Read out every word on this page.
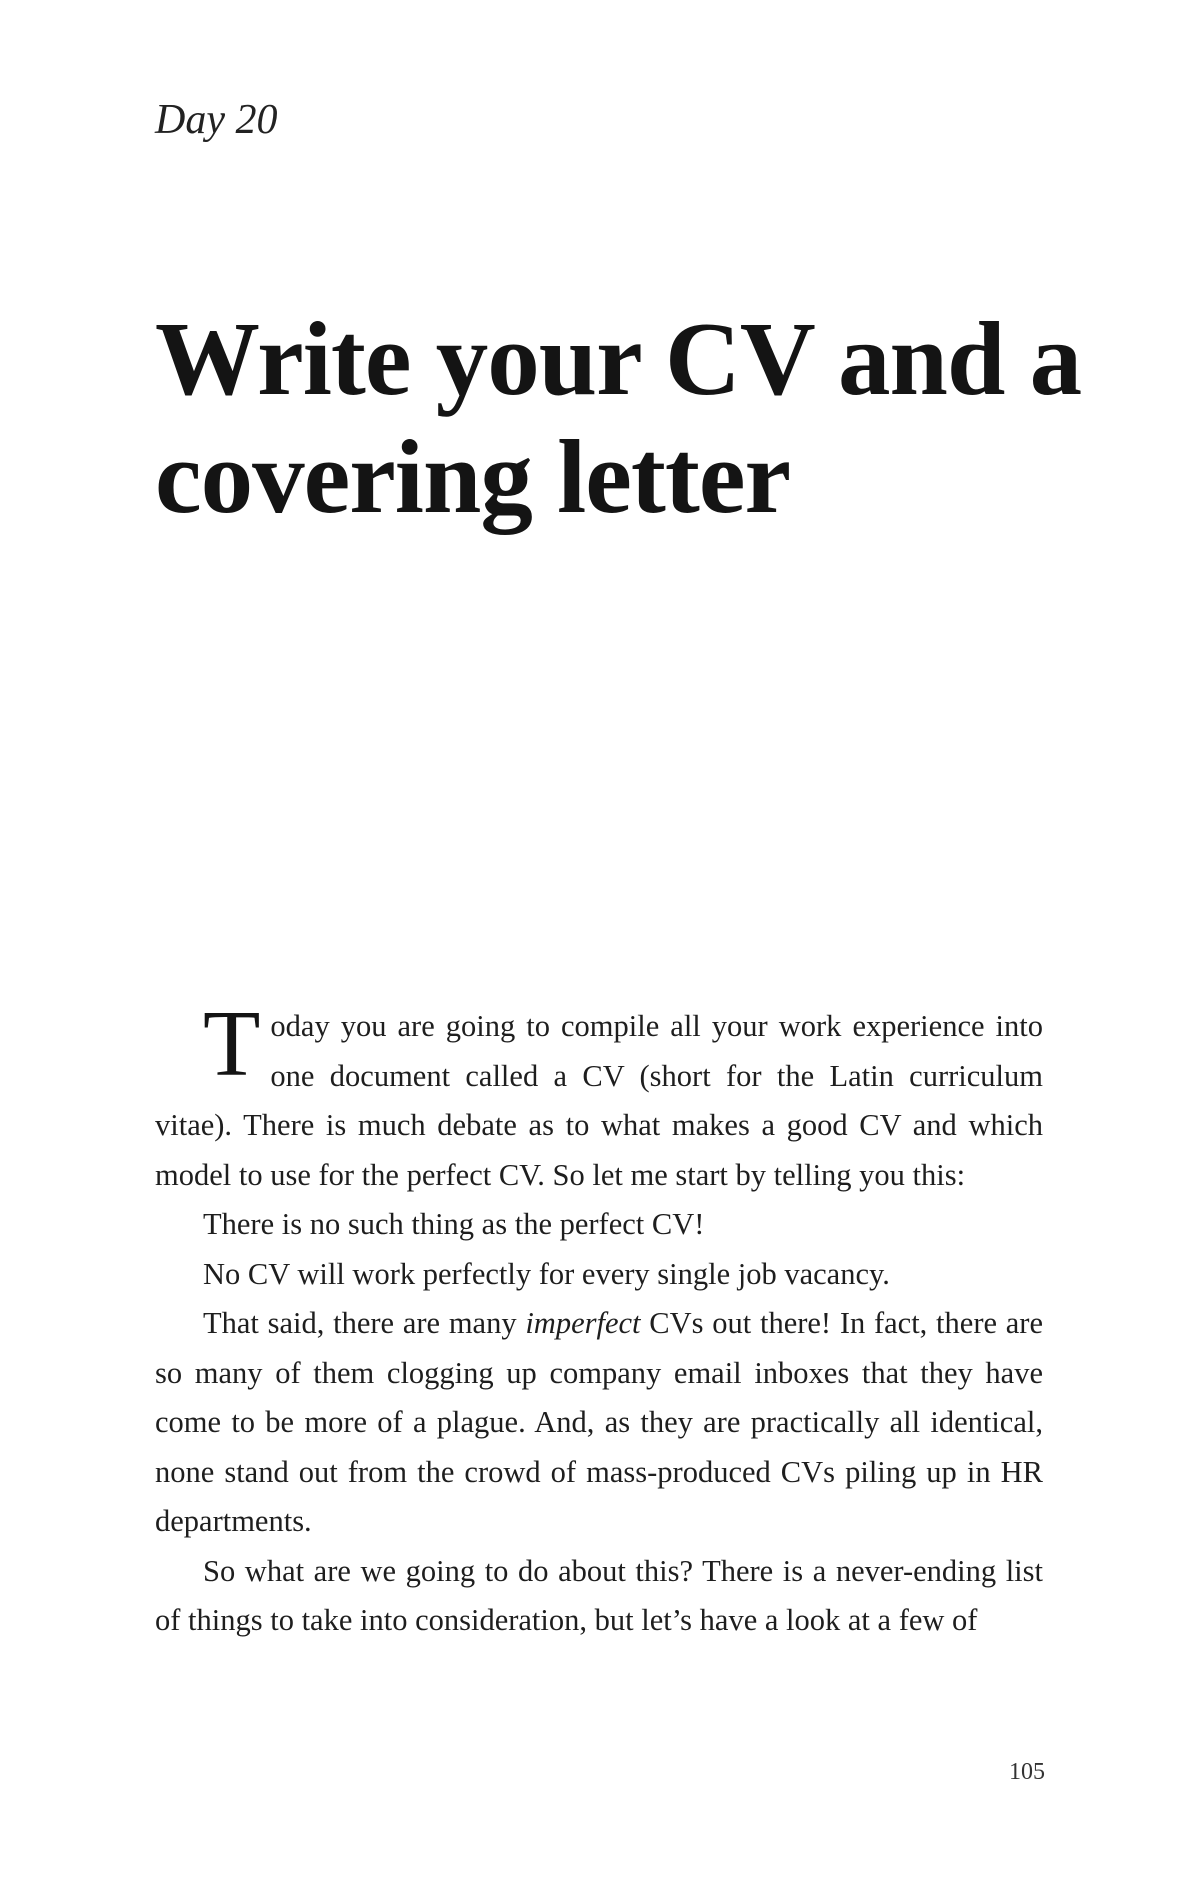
Day 20
Write your CV and a covering letter

Today you are going to compile all your work experience into one document called a CV (short for the Latin curriculum vitae). There is much debate as to what makes a good CV and which model to use for the perfect CV. So let me start by telling you this:

There is no such thing as the perfect CV!

No CV will work perfectly for every single job vacancy.

That said, there are many imperfect CVs out there! In fact, there are so many of them clogging up company email inboxes that they have come to be more of a plague. And, as they are practically all identical, none stand out from the crowd of mass-produced CVs piling up in HR departments.

So what are we going to do about this? There is a never-ending list of things to take into consideration, but let’s have a look at a few of

105
